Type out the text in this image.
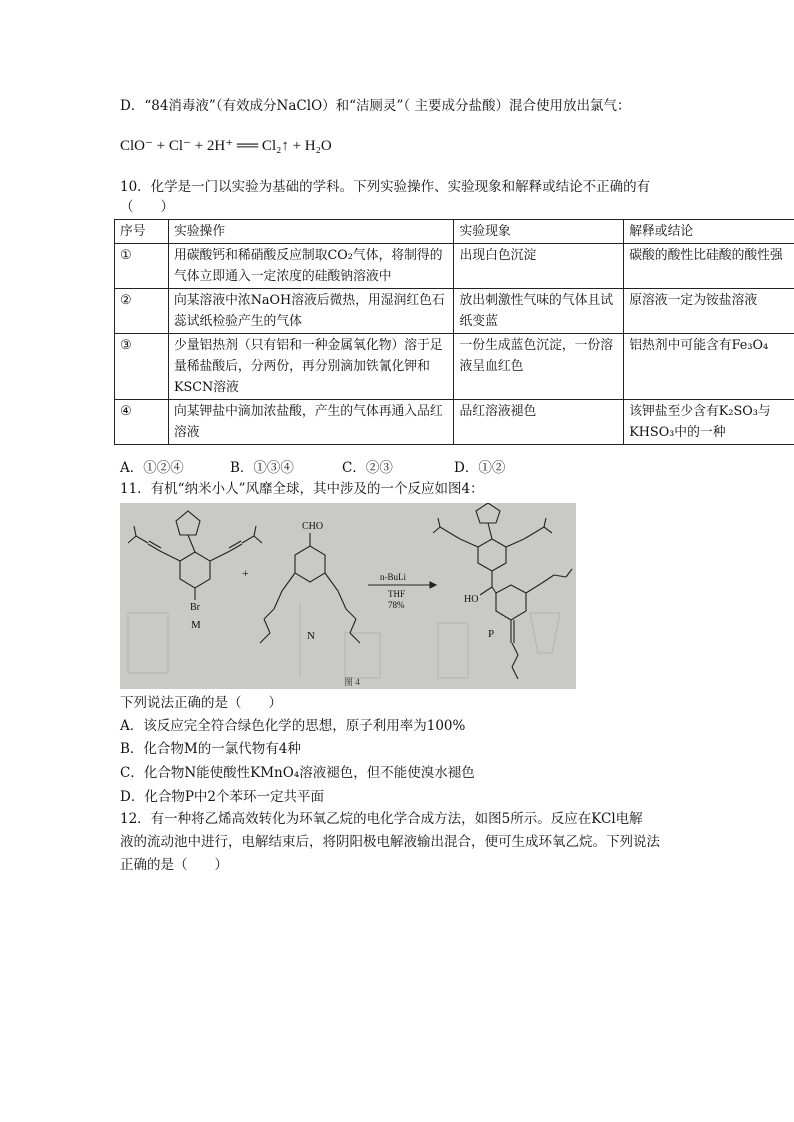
D．“84消毒液”（有效成分NaClO）和“洁厕灵”（ 主要成分盐酸）混合使用放出氯气：
ClO⁻ + Cl⁻ + 2H⁺ ══ Cl₂↑ + H₂O
10．化学是一门以实验为基础的学科。下列实验操作、实验现象和解释或结论不正确的有
（　　）
序号	实验操作	实验现象	解释或结论
①	用碳酸钙和稀硝酸反应制取CO₂气体，将制得的气体立即通入一定浓度的硅酸钠溶液中	出现白色沉淀	碳酸的酸性比硅酸的酸性强
②	向某溶液中浓NaOH溶液后微热，用湿润红色石蕊试纸检验产生的气体	放出刺激性气味的气体且试纸变蓝	原溶液一定为铵盐溶液
③	少量铝热剂（只有铝和一种金属氧化物）溶于足量稀盐酸后，分两份，再分别滴加铁氰化钾和KSCN溶液	一份生成蓝色沉淀，一份溶液呈血红色	铝热剂中可能含有Fe₃O₄
④	向某钾盐中滴加浓盐酸，产生的气体再通入品红溶液	品红溶液褪色	该钾盐至少含有K₂SO₃与KHSO₃中的一种
A．①②④	B．①③④	C．②③	D．①②
11．有机“纳米小人”风靡全球，其中涉及的一个反应如图4：
Br
M
+
CHO
N
n-BuLi
THF
78%	HO
P
图 4
下列说法正确的是（　　）
A．该反应完全符合绿色化学的思想，原子利用率为100%
B．化合物M的一氯代物有4种
C．化合物N能使酸性KMnO₄溶液褪色，但不能使溴水褪色
D．化合物P中2个苯环一定共平面
12．有一种将乙烯高效转化为环氧乙烷的电化学合成方法，如图5所示。反应在KCl电解
液的流动池中进行，电解结束后，将阴阳极电解液输出混合，便可生成环氧乙烷。下列说法
正确的是（　　）
